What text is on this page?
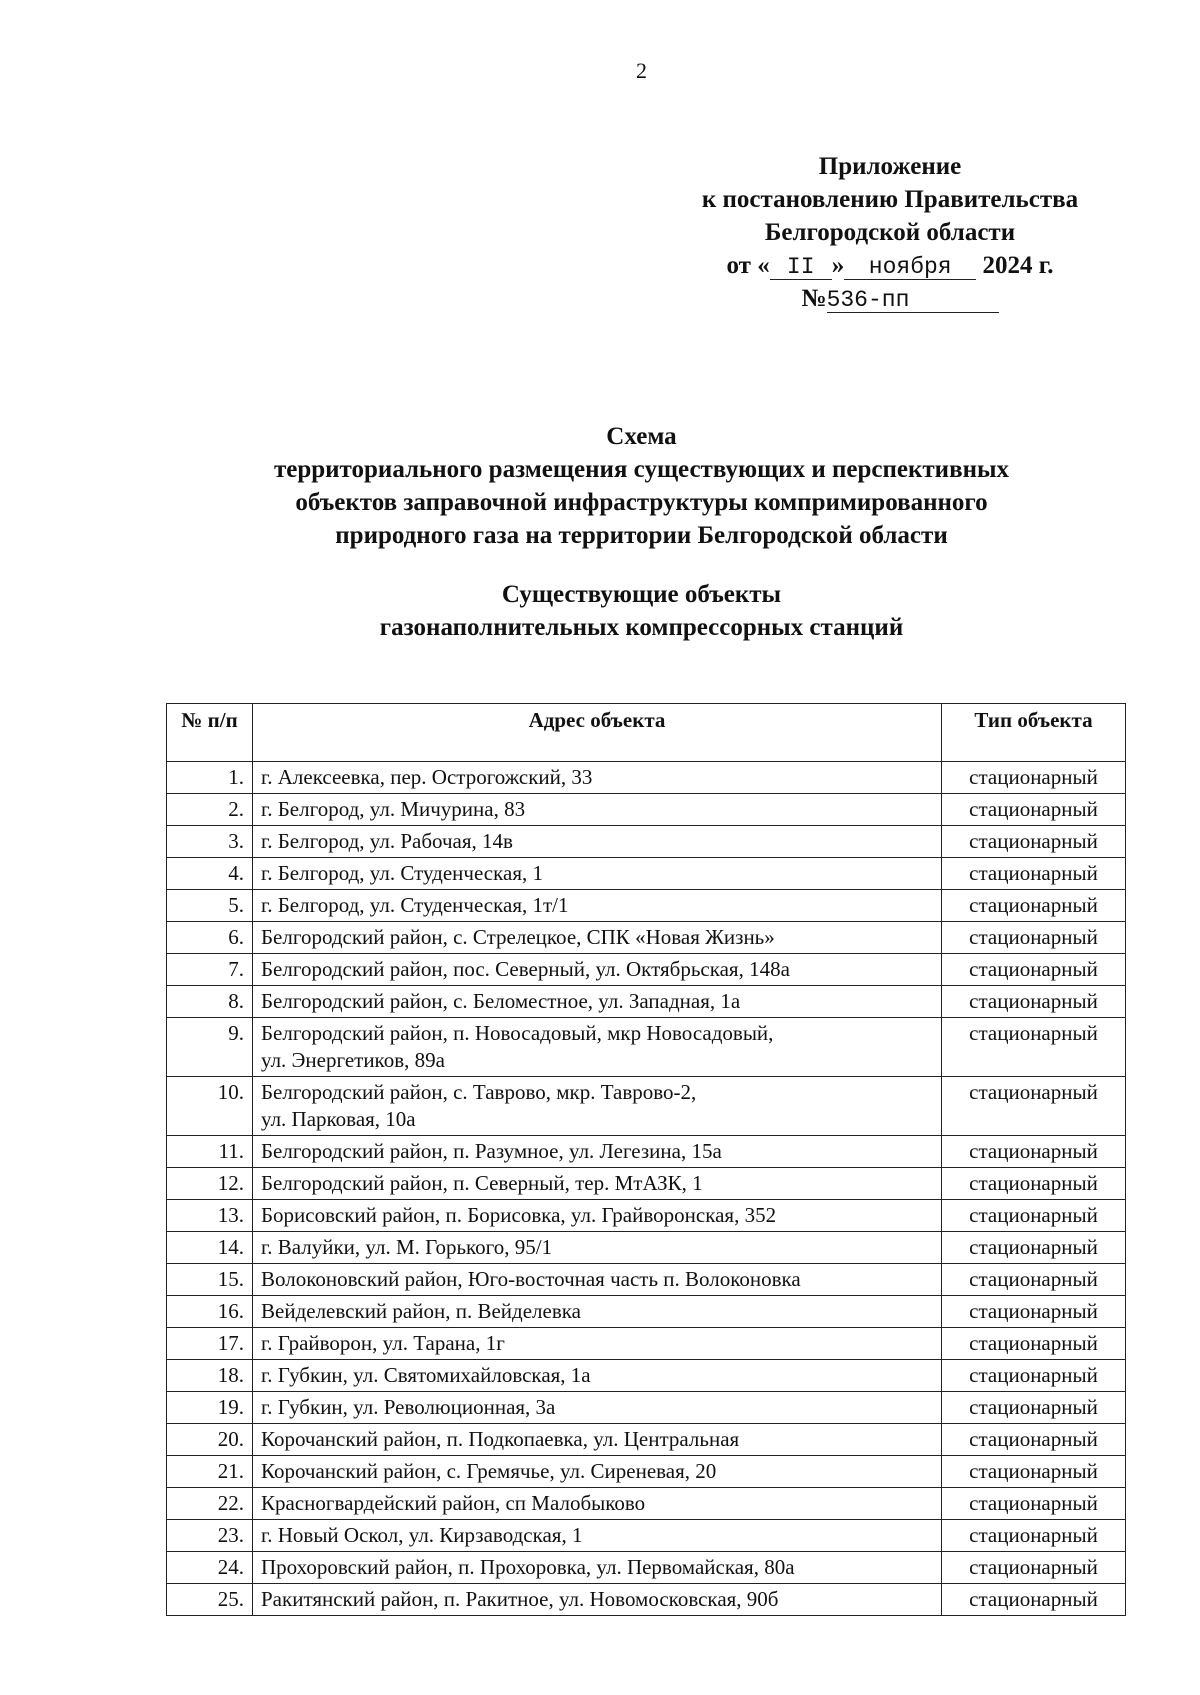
2
Приложение
к постановлению Правительства
Белгородской области
от « II » ноября 2024 г.
№536-пп
Схема
территориального размещения существующих и перспективных
объектов заправочной инфраструктуры компримированного
природного газа на территории Белгородской области
Существующие объекты
газонаполнительных компрессорных станций
№ п/п	Адрес объекта	Тип объекта
1.	г. Алексеевка, пер. Острогожский, 33	стационарный
2.	г. Белгород, ул. Мичурина, 83	стационарный
3.	г. Белгород, ул. Рабочая, 14в	стационарный
4.	г. Белгород, ул. Студенческая, 1	стационарный
5.	г. Белгород, ул. Студенческая, 1т/1	стационарный
6.	Белгородский район, с. Стрелецкое, СПК «Новая Жизнь»	стационарный
7.	Белгородский район, пос. Северный, ул. Октябрьская, 148а	стационарный
8.	Белгородский район, с. Беломестное, ул. Западная, 1а	стационарный
9.	Белгородский район, п. Новосадовый, мкр Новосадовый,
ул. Энергетиков, 89а	стационарный
10.	Белгородский район, с. Таврово, мкр. Таврово-2,
ул. Парковая, 10а	стационарный
11.	Белгородский район, п. Разумное, ул. Легезина, 15а	стационарный
12.	Белгородский район, п. Северный, тер. МтАЗК, 1	стационарный
13.	Борисовский район, п. Борисовка, ул. Грайворонская, 352	стационарный
14.	г. Валуйки, ул. М. Горького, 95/1	стационарный
15.	Волоконовский район, Юго-восточная часть п. Волоконовка	стационарный
16.	Вейделевский район, п. Вейделевка	стационарный
17.	г. Грайворон, ул. Тарана, 1г	стационарный
18.	г. Губкин, ул. Святомихайловская, 1а	стационарный
19.	г. Губкин, ул. Революционная, 3а	стационарный
20.	Корочанский район, п. Подкопаевка, ул. Центральная	стационарный
21.	Корочанский район, с. Гремячье, ул. Сиреневая, 20	стационарный
22.	Красногвардейский район, сп Малобыково	стационарный
23.	г. Новый Оскол, ул. Кирзаводская, 1	стационарный
24.	Прохоровский район, п. Прохоровка, ул. Первомайская, 80а	стационарный
25.	Ракитянский район, п. Ракитное, ул. Новомосковская, 90б	стационарный
